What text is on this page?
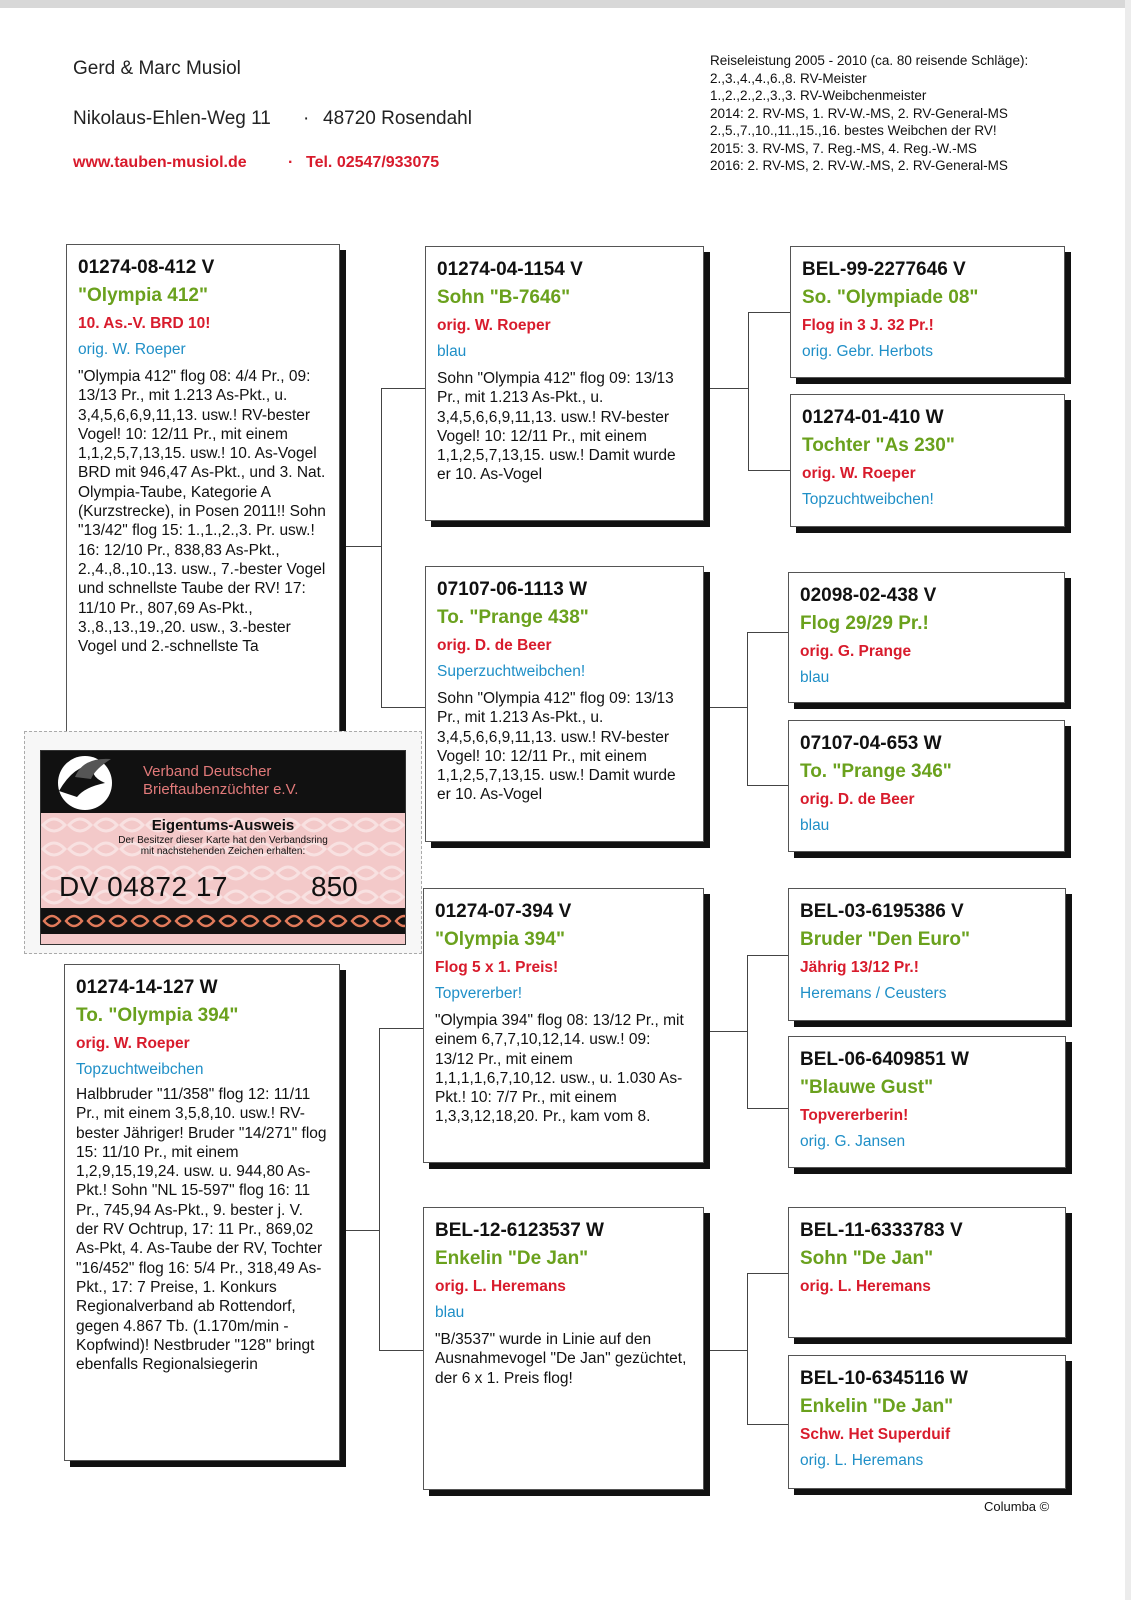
Gerd & Marc Musiol
Nikolaus-Ehlen-Weg 11 · 48720 Rosendahl
www.tauben-musiol.de	· Tel. 02547/933075
Reiseleistung 2005 - 2010 (ca. 80 reisende Schläge):
2.,3.,4.,4.,6.,8. RV-Meister
1.,2.,2.,2.,3.,3. RV-Weibchenmeister
2014: 2. RV-MS, 1. RV-W.-MS, 2. RV-General-MS
2.,5.,7.,10.,11.,15.,16. bestes Weibchen der RV!
2015: 3. RV-MS, 7. Reg.-MS, 4. Reg.-W.-MS
2016: 2. RV-MS, 2. RV-W.-MS, 2. RV-General-MS
01274-08-412 V
"Olympia 412"
10. As.-V. BRD 10!
orig. W. Roeper
"Olympia 412" flog 08: 4/4 Pr., 09: 13/13 Pr., mit 1.213 As-Pkt., u. 3,4,5,6,6,9,11,13. usw.! RV-bester Vogel! 10: 12/11 Pr., mit einem 1,1,2,5,7,13,15. usw.! 10. As-Vogel BRD mit 946,47 As-Pkt., und 3. Nat. Olympia-Taube, Kategorie A (Kurzstrecke), in Posen 2011!! Sohn "13/42" flog 15: 1.,1.,2.,3. Pr. usw.! 16: 12/10 Pr., 838,83 As-Pkt., 2.,4.,8.,10.,13. usw., 7.-bester Vogel und schnellste Taube der RV! 17: 11/10 Pr., 807,69 As-Pkt., 3.,8.,13.,19.,20. usw., 3.-bester Vogel und 2.-schnellste Ta
01274-14-127 W
To. "Olympia 394"
orig. W. Roeper
Topzuchtweibchen
Halbbruder "11/358" flog 12: 11/11 Pr., mit einem 3,5,8,10. usw.! RV-bester Jähriger! Bruder "14/271" flog 15: 11/10 Pr., mit einem 1,2,9,15,19,24. usw. u. 944,80 As-Pkt.! Sohn "NL 15-597" flog 16: 11 Pr., 745,94 As-Pkt., 9. bester j. V. der RV Ochtrup, 17: 11 Pr., 869,02 As-Pkt, 4. As-Taube der RV, Tochter "16/452" flog 16: 5/4 Pr., 318,49 As-Pkt., 17: 7 Preise, 1. Konkurs Regionalverband ab Rottendorf, gegen 4.867 Tb. (1.170m/min - Kopfwind)! Nestbruder "128" bringt ebenfalls Regionalsiegerin
01274-04-1154 V
Sohn "B-7646"
orig. W. Roeper
blau
Sohn "Olympia 412" flog 09: 13/13 Pr., mit 1.213 As-Pkt., u. 3,4,5,6,6,9,11,13. usw.! RV-bester Vogel! 10: 12/11 Pr., mit einem 1,1,2,5,7,13,15. usw.! Damit wurde er 10. As-Vogel
07107-06-1113 W
To. "Prange 438"
orig. D. de Beer
Superzuchtweibchen!
Sohn "Olympia 412" flog 09: 13/13 Pr., mit 1.213 As-Pkt., u. 3,4,5,6,6,9,11,13. usw.! RV-bester Vogel! 10: 12/11 Pr., mit einem 1,1,2,5,7,13,15. usw.! Damit wurde er 10. As-Vogel
01274-07-394 V
"Olympia 394"
Flog 5 x 1. Preis!
Topvererber!
"Olympia 394" flog 08: 13/12 Pr., mit einem 6,7,7,10,12,14. usw.! 09: 13/12 Pr., mit einem 1,1,1,1,6,7,10,12. usw., u. 1.030 As-Pkt.! 10: 7/7 Pr., mit einem 1,3,3,12,18,20. Pr., kam vom 8.
BEL-12-6123537 W
Enkelin "De Jan"
orig. L. Heremans
blau
"B/3537" wurde in Linie auf den Ausnahmevogel "De Jan" gezüchtet, der 6 x 1. Preis flog!
BEL-99-2277646 V
So. "Olympiade 08"
Flog in 3 J. 32 Pr.!
orig. Gebr. Herbots
01274-01-410 W
Tochter "As 230"
orig. W. Roeper
Topzuchtweibchen!
02098-02-438 V
Flog 29/29 Pr.!
orig. G. Prange
blau
07107-04-653 W
To. "Prange 346"
orig. D. de Beer
blau
BEL-03-6195386 V
Bruder "Den Euro"
Jährig 13/12 Pr.!
Heremans / Ceusters
BEL-06-6409851 W
"Blauwe Gust"
Topvererberin!
orig. G. Jansen
BEL-11-6333783 V
Sohn "De Jan"
orig. L. Heremans
BEL-10-6345116 W
Enkelin "De Jan"
Schw. Het Superduif
orig. L. Heremans
Verband Deutscher
Brieftaubenzüchter e.V.
Eigentums-Ausweis
Der Besitzer dieser Karte hat den Verbandsring
mit nachstehenden Zeichen erhalten:
DV 04872 17	850
Columba ©
